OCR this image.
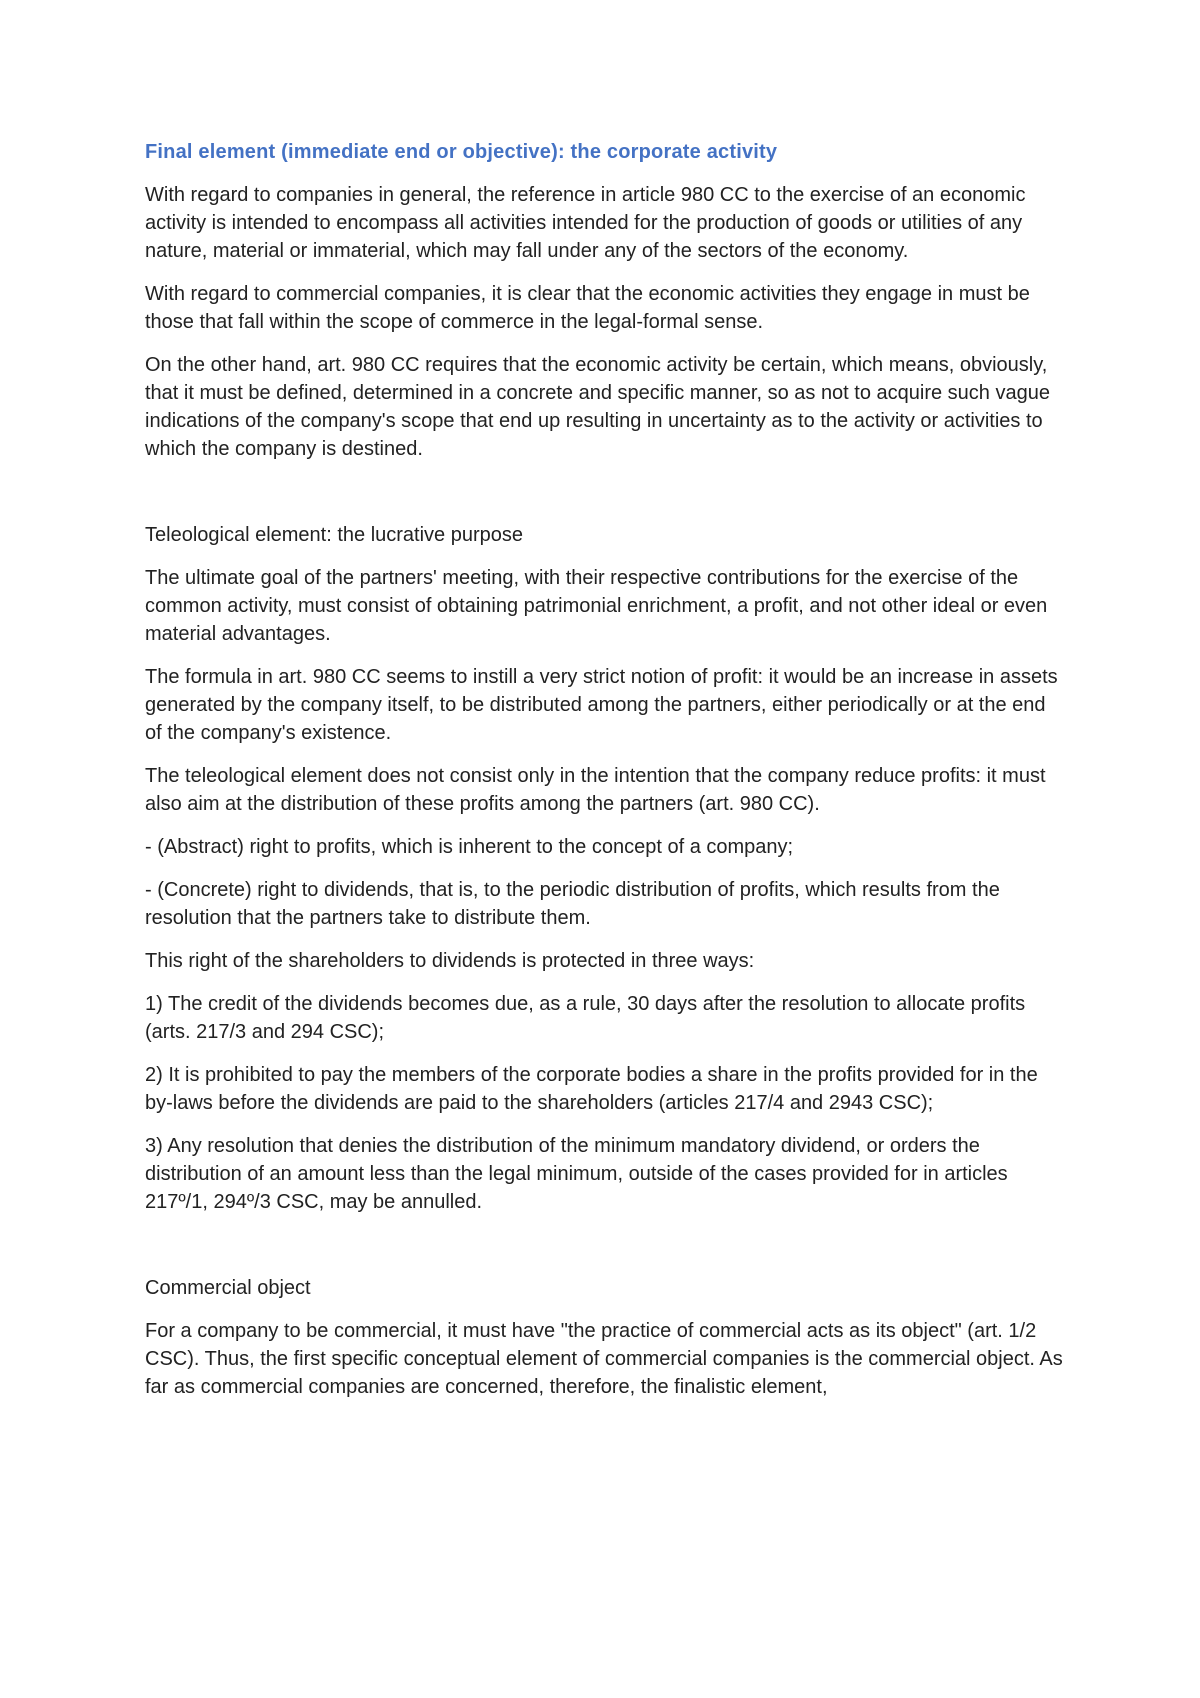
Final element (immediate end or objective): the corporate activity

With regard to companies in general, the reference in article 980 CC to the exercise of an economic activity is intended to encompass all activities intended for the production of goods or utilities of any nature, material or immaterial, which may fall under any of the sectors of the economy.

With regard to commercial companies, it is clear that the economic activities they engage in must be those that fall within the scope of commerce in the legal-formal sense.

On the other hand, art. 980 CC requires that the economic activity be certain, which means, obviously, that it must be defined, determined in a concrete and specific manner, so as not to acquire such vague indications of the company's scope that end up resulting in uncertainty as to the activity or activities to which the company is destined.

Teleological element: the lucrative purpose

The ultimate goal of the partners' meeting, with their respective contributions for the exercise of the common activity, must consist of obtaining patrimonial enrichment, a profit, and not other ideal or even material advantages.

The formula in art. 980 CC seems to instill a very strict notion of profit: it would be an increase in assets generated by the company itself, to be distributed among the partners, either periodically or at the end of the company's existence.

The teleological element does not consist only in the intention that the company reduce profits: it must also aim at the distribution of these profits among the partners (art. 980 CC).

- (Abstract) right to profits, which is inherent to the concept of a company;

- (Concrete) right to dividends, that is, to the periodic distribution of profits, which results from the resolution that the partners take to distribute them.

This right of the shareholders to dividends is protected in three ways:

1) The credit of the dividends becomes due, as a rule, 30 days after the resolution to allocate profits (arts. 217/3 and 294 CSC);

2) It is prohibited to pay the members of the corporate bodies a share in the profits provided for in the by-laws before the dividends are paid to the shareholders (articles 217/4 and 2943 CSC);

3) Any resolution that denies the distribution of the minimum mandatory dividend, or orders the distribution of an amount less than the legal minimum, outside of the cases provided for in articles 217º/1, 294º/3 CSC, may be annulled.

Commercial object

For a company to be commercial, it must have "the practice of commercial acts as its object" (art. 1/2 CSC). Thus, the first specific conceptual element of commercial companies is the commercial object. As far as commercial companies are concerned, therefore, the finalistic element,
